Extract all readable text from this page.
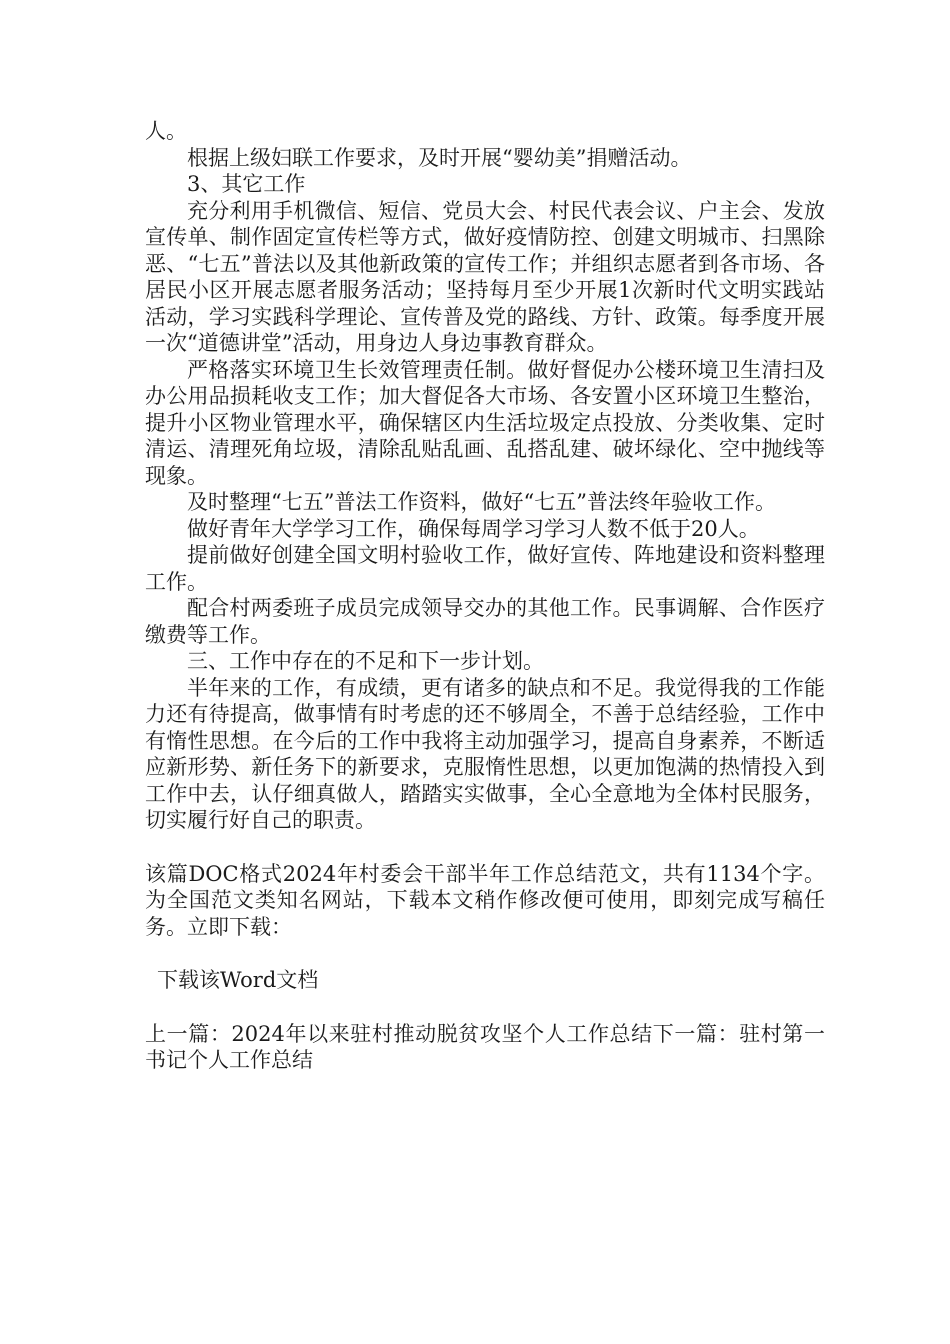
人。

根据上级妇联工作要求，及时开展“婴幼美”捐赠活动。

3、其它工作

充分利用手机微信、短信、党员大会、村民代表会议、户主会、发放宣传单、制作固定宣传栏等方式，做好疫情防控、创建文明城市、扫黑除恶、“七五”普法以及其他新政策的宣传工作；并组织志愿者到各市场、各居民小区开展志愿者服务活动；坚持每月至少开展1次新时代文明实践站活动，学习实践科学理论、宣传普及党的路线、方针、政策。每季度开展一次“道德讲堂”活动，用身边人身边事教育群众。

严格落实环境卫生长效管理责任制。做好督促办公楼环境卫生清扫及办公用品损耗收支工作；加大督促各大市场、各安置小区环境卫生整治，提升小区物业管理水平，确保辖区内生活垃圾定点投放、分类收集、定时清运、清理死角垃圾，清除乱贴乱画、乱搭乱建、破坏绿化、空中抛线等现象。

及时整理“七五”普法工作资料，做好“七五”普法终年验收工作。

做好青年大学学习工作，确保每周学习学习人数不低于20人。

提前做好创建全国文明村验收工作，做好宣传、阵地建设和资料整理工作。

配合村两委班子成员完成领导交办的其他工作。民事调解、合作医疗缴费等工作。

三、工作中存在的不足和下一步计划。

半年来的工作，有成绩，更有诸多的缺点和不足。我觉得我的工作能力还有待提高，做事情有时考虑的还不够周全，不善于总结经验，工作中有惰性思想。在今后的工作中我将主动加强学习，提高自身素养，不断适应新形势、新任务下的新要求，克服惰性思想，以更加饱满的热情投入到工作中去，认仔细真做人，踏踏实实做事，全心全意地为全体村民服务，切实履行好自己的职责。

该篇DOC格式2024年村委会干部半年工作总结范文，共有1134个字。为全国范文类知名网站，下载本文稍作修改便可使用，即刻完成写稿任务。立即下载：

下载该Word文档

上一篇：2024年以来驻村推动脱贫攻坚个人工作总结下一篇：驻村第一书记个人工作总结
